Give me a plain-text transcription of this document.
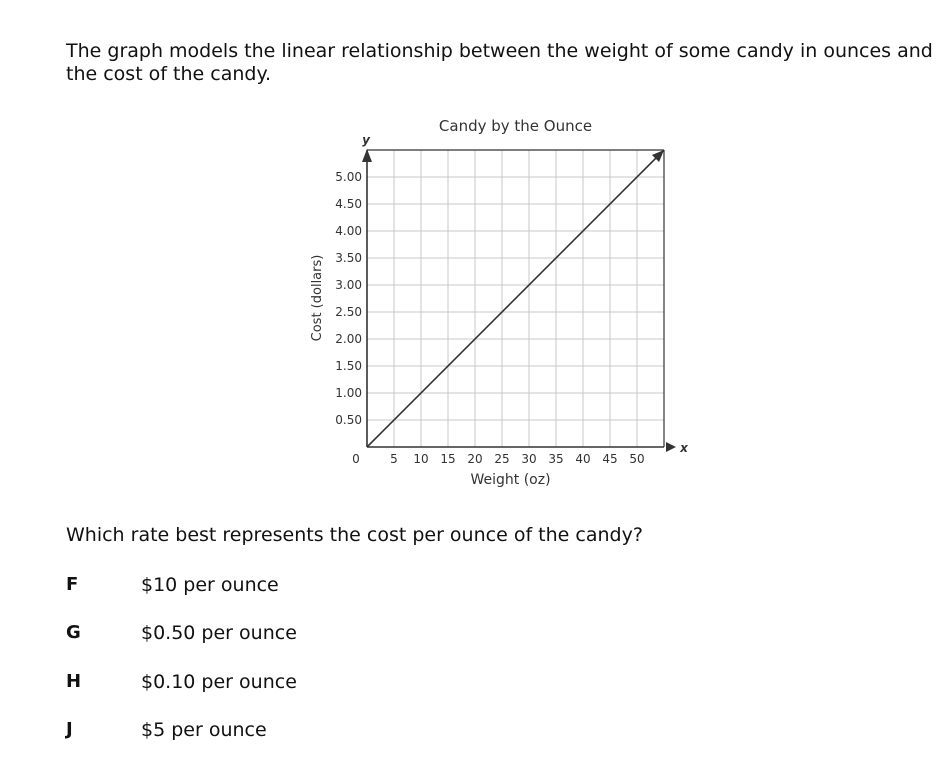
The graph models the linear relationship between the weight of some candy in ounces and the cost of the candy.

x
y
Candy by the Ounce
0	5 10 15 20 25 30 35 40 45 50
0.50
1.00
1.50
2.00
2.50
3.00
3.50
4.00
4.50
5.00
Weight (oz)
Cost (dollars)

Which rate best represents the cost per ounce of the candy?

F	$10 per ounce
G	$0.50 per ounce
H	$0.10 per ounce
J	$5 per ounce
